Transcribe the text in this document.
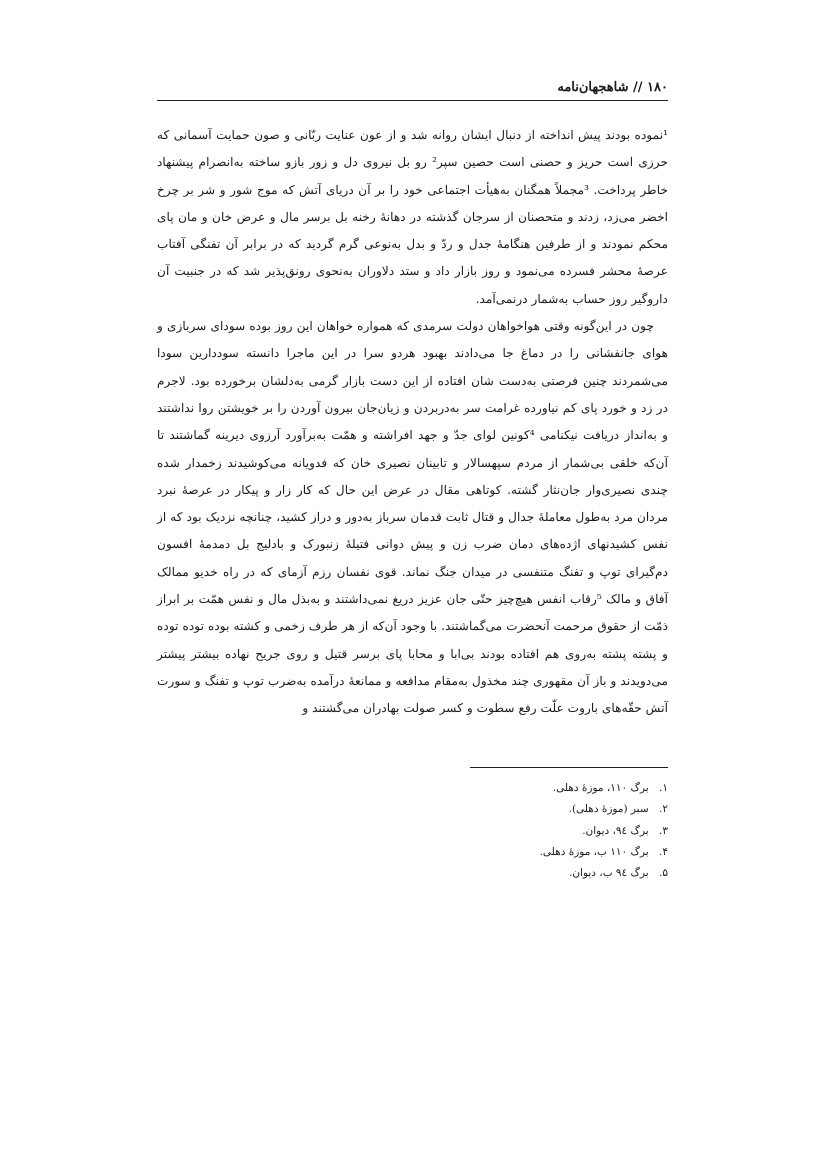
۱۸۰ // شاهجهان‌نامه

¹نموده بودند پیش انداخته از دنبال ایشان روانه شد و از عون عنایت ربّانی و صون حمایت آسمانی که حرزی است حریز و حصنی است حصین سپر² رو بل نیروی دل و زور بازو ساخته به‌انصرام پیشنهاد خاطر پرداخت. ³مجملاً همگنان به‌هیأت اجتماعی خود را بر آن دریای آتش که موج شور و شر بر چرخ اخضر می‌زد، زدند و متحصنان از سرجان گذشته در دهانهٔ رخنه بل برسر مال و عرض خان و مان پای محکم نمودند و از طرفین هنگامهٔ جدل و ردّ و بدل به‌نوعی گرم گردید که در برابر آن تفنگی آفتاب عرصهٔ محشر فسرده می‌نمود و روز بازار داد و ستد دلاوران به‌نحوی رونق‌پذیر شد که در جنبیت آن داروگیر روز حساب به‌شمار درنمی‌آمد.

چون در این‌گونه وقتی هواخواهان دولت سرمدی که همواره خواهان این روز بوده سودای سربازی و هوای جانفشانی را در دماغ جا می‌دادند بهبود هردو سرا در این ماجرا دانسته سوددارین سودا می‌شمردند چنین فرصتی به‌دست شان افتاده از این دست بازار گرمی به‌دلشان برخورده بود. لاجرم در زد و خورد پای کم نیاورده غرامت سر به‌دربردن و زیان‌جان بیرون آوردن را بر خویشتن روا نداشتند و به‌انداز دریافت نیکنامی ⁴کونین لوای جدّ و جهد افراشته و همّت به‌برآورد آرزوی دیرینه گماشتند تا آن‌که خلقی بی‌شمار از مردم سپهسالار و تابینان نصیری خان که فدویانه می‌کوشیدند زخمدار شده چندی نصیری‌وار جان‌نثار گشته. کوتاهی مقال در عرض این حال که کار زار و پیکار در عرصهٔ نبرد مردان مرد به‌طول معاملهٔ جدال و قتال ثابت قدمان سرباز به‌دور و دراز کشید، چنانچه نزدیک بود که از نفس کشیدنهای اژده‌های دمان ضرب زن و پیش دوانی فتیلهٔ زنبورک و بادلیج بل دمدمهٔ افسون دم‌گیرای توپ و تفنگ متنفسی در میدان جنگ نماند. قوی نفسان رزم آزمای که در راه خدیو ممالک آفاق و مالک ⁵رقاب انفس هیچ‌چیز حتّی جان عزیز دریغ نمی‌داشتند و به‌بذل مال و نفس همّت بر ابراز ذمّت از حقوق مرحمت آنحضرت می‌گماشتند. با وجود آن‌که از هر طرف زخمی و کشته بوده توده توده و پشته پشته به‌روی هم افتاده بودند بی‌ابا و محابا پای برسر قتیل و روی جریح نهاده بیشتر پیشتر می‌دویدند و باز آن مقهوری چند مخذول به‌مقام مدافعه و ممانعهٔ درآمده به‌ضرب توپ و تفنگ و سورت آتش حقّه‌های باروت علّت رفع سطوت و کسر صولت بهادران می‌گشتند و

۱. برگ ۱۱۰، موزهٔ دهلی.
۲. سبر (موزهٔ دهلی).
۳. برگ ۹٤، دیوان.
۴. برگ ۱۱۰ ب، موزهٔ دهلی.
۵. برگ ۹٤ ب، دیوان.
